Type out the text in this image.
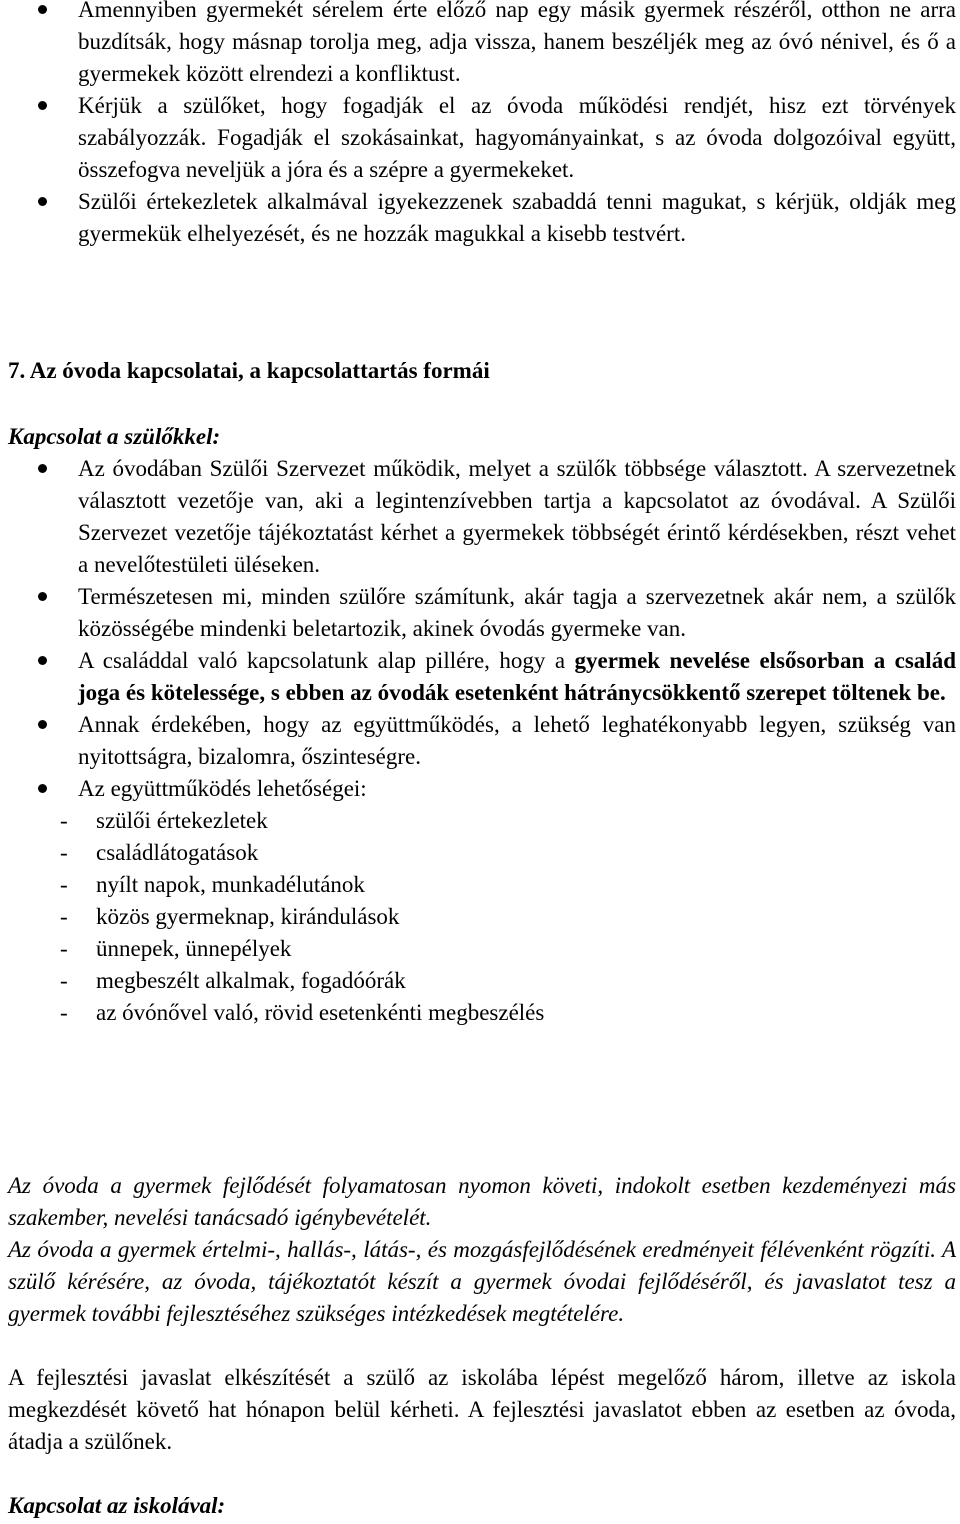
Amennyiben gyermekét sérelem érte előző nap egy másik gyermek részéről, otthon ne arra buzdítsák, hogy másnap torolja meg, adja vissza, hanem beszéljék meg az óvó nénivel, és ő a gyermekek között elrendezi a konfliktust.
Kérjük a szülőket, hogy fogadják el az óvoda működési rendjét, hisz ezt törvények szabályozzák. Fogadják el szokásainkat, hagyományainkat, s az óvoda dolgozóival együtt, összefogva neveljük a jóra és a szépre a gyermekeket.
Szülői értekezletek alkalmával igyekezzenek szabaddá tenni magukat, s kérjük, oldják meg gyermekük elhelyezését, és ne hozzák magukkal a kisebb testvért.
7. Az óvoda kapcsolatai, a kapcsolattartás formái
Kapcsolat a szülőkkel:
Az óvodában Szülői Szervezet működik, melyet a szülők többsége választott. A szervezetnek választott vezetője van, aki a legintenzívebben tartja a kapcsolatot az óvodával. A Szülői Szervezet vezetője tájékoztatást kérhet a gyermekek többségét érintő kérdésekben, részt vehet a nevelőtestületi üléseken.
Természetesen mi, minden szülőre számítunk, akár tagja a szervezetnek akár nem, a szülők közösségébe mindenki beletartozik, akinek óvodás gyermeke van.
A családdal való kapcsolatunk alap pillére, hogy a gyermek nevelése elsősorban a család joga és kötelessége, s ebben az óvodák esetenként hátránycsökkentő szerepet töltenek be.
Annak érdekében, hogy az együttműködés, a lehető leghatékonyabb legyen, szükség van nyitottságra, bizalomra, őszinteségre.
Az együttműködés lehetőségei:
- szülői értekezletek
- családlátogatások
- nyílt napok, munkadélutánok
- közös gyermeknap, kirándulások
- ünnepek, ünnepélyek
- megbeszélt alkalmak, fogadóórák
- az óvónővel való, rövid esetenkénti megbeszélés
Az óvoda a gyermek fejlődését folyamatosan nyomon követi, indokolt esetben kezdeményezi más szakember, nevelési tanácsadó igénybevételét.
Az óvoda a gyermek értelmi-, hallás-, látás-, és mozgásfejlődésének eredményeit félévenként rögzíti. A szülő kérésére, az óvoda, tájékoztatót készít a gyermek óvodai fejlődéséről, és javaslatot tesz a gyermek további fejlesztéséhez szükséges intézkedések megtételére.
A fejlesztési javaslat elkészítését a szülő az iskolába lépést megelőző három, illetve az iskola megkezdését követő hat hónapon belül kérheti. A fejlesztési javaslatot ebben az esetben az óvoda, átadja a szülőnek.
Kapcsolat az iskolával:
